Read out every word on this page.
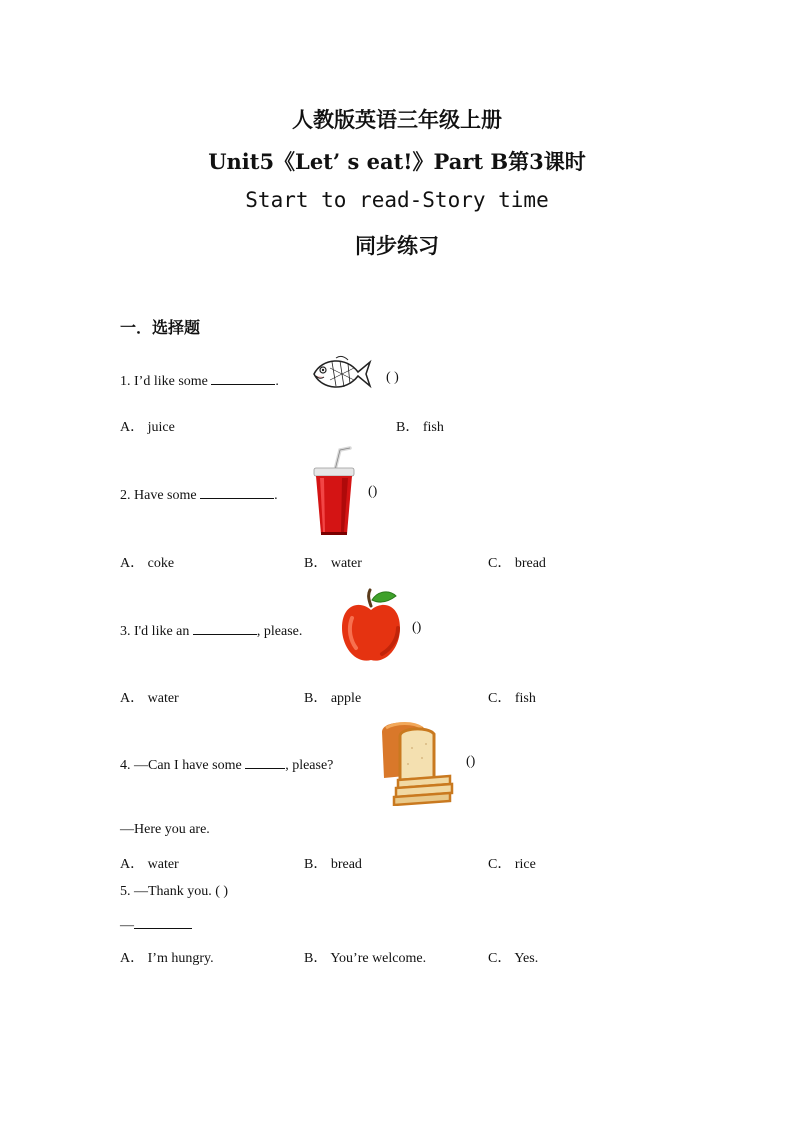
人教版英语三年级上册
Unit5《Let’ s eat!》Part B第3课时
Start to read-Story time
同步练习
一．选择题
1. I’d like some	.	( )
A． juice	B． fish
2. Have some	.	()
A． coke	B． water	C． bread
3. I'd like an	, please.	()
A． water	B． apple	C． fish
4. —Can I have some	, please?	()
—Here you are.
A． water	B． bread	C． rice
5. —Thank you. ( )
—
A． I’m hungry.	B． You’re welcome.	C． Yes.
